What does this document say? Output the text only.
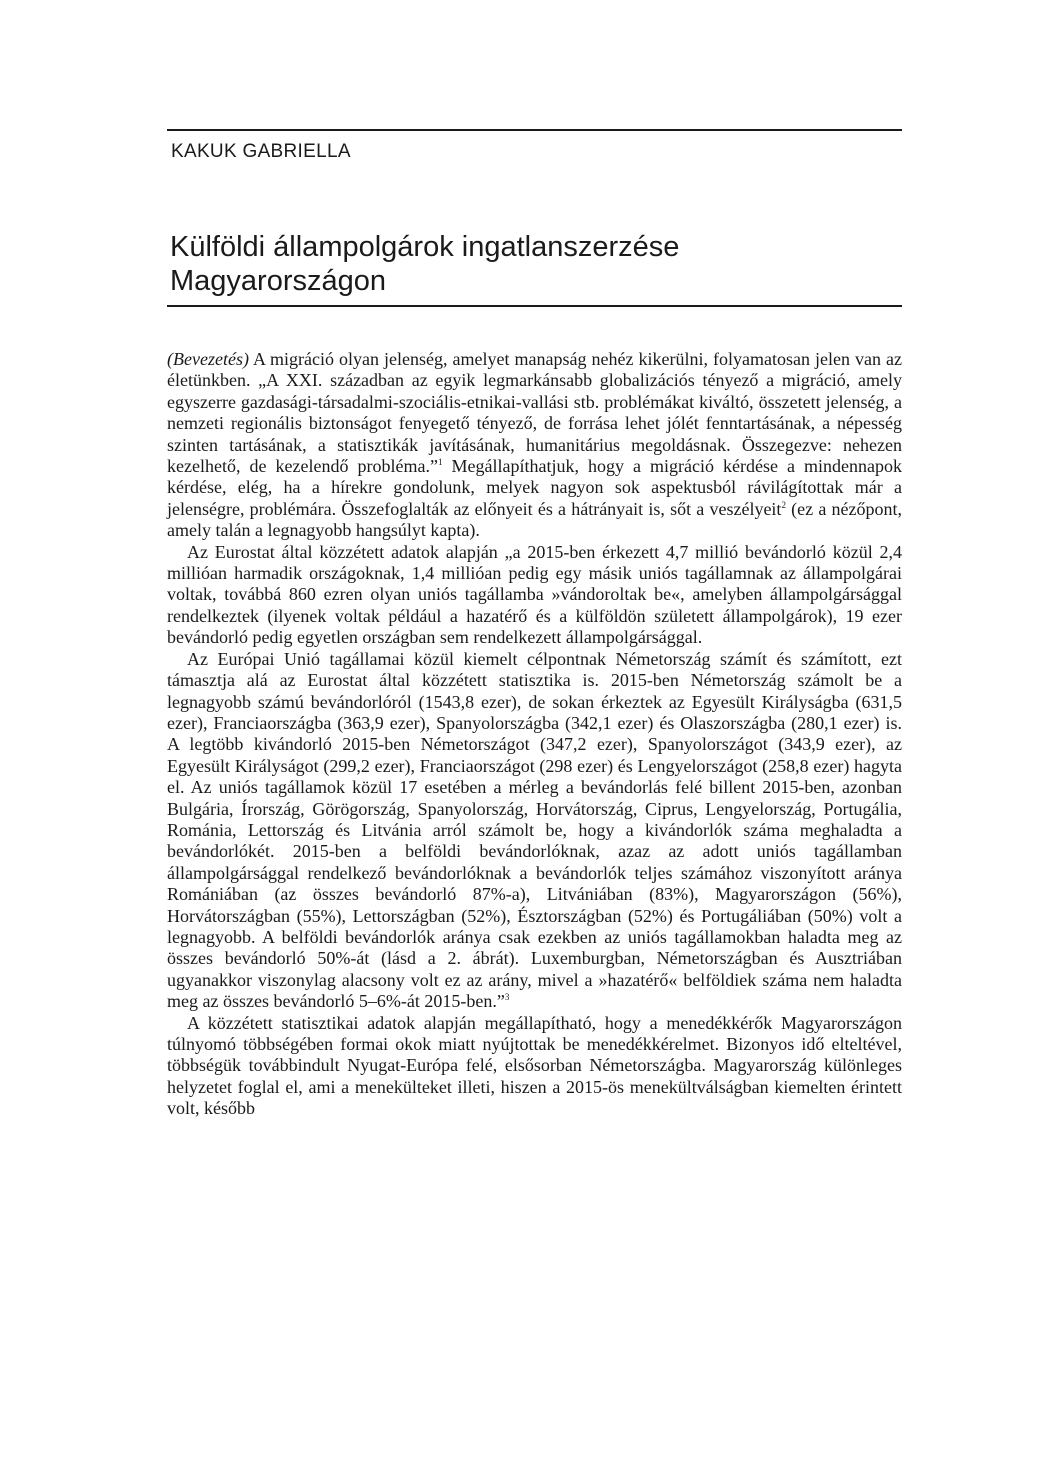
KAKUK GABRIELLA
Külföldi állampolgárok ingatlanszerzése
Magyarországon

(Bevezetés) A migráció olyan jelenség, amelyet manapság nehéz kikerülni, folyamatosan jelen van az életünkben. „A XXI. században az egyik legmarkánsabb globalizációs tényező a migráció, amely egyszerre gazdasági-társadalmi-szociális-etnikai-vallási stb. problémákat kiváltó, összetett jelenség, a nemzeti regionális biztonságot fenyegető tényező, de forrása lehet jólét fenntartásának, a népesség szinten tartásának, a statisztikák javításának, humanitárius megoldásnak. Összegezve: nehezen kezelhető, de kezelendő probléma.”$^1$ Megállapíthatjuk, hogy a migráció kérdése a mindennapok kérdése, elég, ha a hírekre gondolunk, melyek nagyon sok aspektusból rávilágítottak már a jelenségre, problémára. Összefoglalták az előnyeit és a hátrányait is, sőt a veszélyeit$^2$ (ez a nézőpont, amely talán a legnagyobb hangsúlyt kapta).

Az Eurostat által közzétett adatok alapján „a 2015-ben érkezett 4,7 millió bevándorló közül 2,4 millióan harmadik országoknak, 1,4 millióan pedig egy másik uniós tagállamnak az állampolgárai voltak, továbbá 860 ezren olyan uniós tagállamba »vándoroltak be«, amelyben állampolgársággal rendelkeztek (ilyenek voltak például a hazatérő és a külföldön született állampolgárok), 19 ezer bevándorló pedig egyetlen országban sem rendelkezett állampolgársággal.

Az Európai Unió tagállamai közül kiemelt célpontnak Németország számít és számított, ezt támasztja alá az Eurostat által közzétett statisztika is. 2015-ben Németország számolt be a legnagyobb számú bevándorlóról (1543,8 ezer), de sokan érkeztek az Egyesült Királyságba (631,5 ezer), Franciaországba (363,9 ezer), Spanyolországba (342,1 ezer) és Olaszországba (280,1 ezer) is. A legtöbb kivándorló 2015-ben Németországot (347,2 ezer), Spanyolországot (343,9 ezer), az Egyesült Királyságot (299,2 ezer), Franciaországot (298 ezer) és Lengyelországot (258,8 ezer) hagyta el. Az uniós tagállamok közül 17 esetében a mérleg a bevándorlás felé billent 2015-ben, azonban Bulgária, Írország, Görögország, Spanyolország, Horvátország, Ciprus, Lengyelország, Portugália, Románia, Lettország és Litvánia arról számolt be, hogy a kivándorlók száma meghaladta a bevándorlókét. 2015-ben a belföldi bevándorlóknak, azaz az adott uniós tagállamban állampolgársággal rendelkező bevándorlóknak a bevándorlók teljes számához viszonyított aránya Romániában (az összes bevándorló 87%-a), Litvániában (83%), Magyarországon (56%), Horvátországban (55%), Lettországban (52%), Észtországban (52%) és Portugáliában (50%) volt a legnagyobb. A belföldi bevándorlók aránya csak ezekben az uniós tagállamokban haladta meg az összes bevándorló 50%-át (lásd a 2. ábrát). Luxemburgban, Németországban és Ausztriában ugyanakkor viszonylag alacsony volt ez az arány, mivel a »hazatérő« belföldiek száma nem haladta meg az összes bevándorló 5–6%-át 2015-ben.”$^3$

A közzétett statisztikai adatok alapján megállapítható, hogy a menedékkérők Magyarországon túlnyomó többségében formai okok miatt nyújtottak be menedékkérelmet. Bizonyos idő elteltével, többségük továbbindult Nyugat-Európa felé, elsősorban Németországba. Magyarország különleges helyzetet foglal el, ami a menekülteket illeti, hiszen a 2015-ös menekültválságban kiemelten érintett volt, később
